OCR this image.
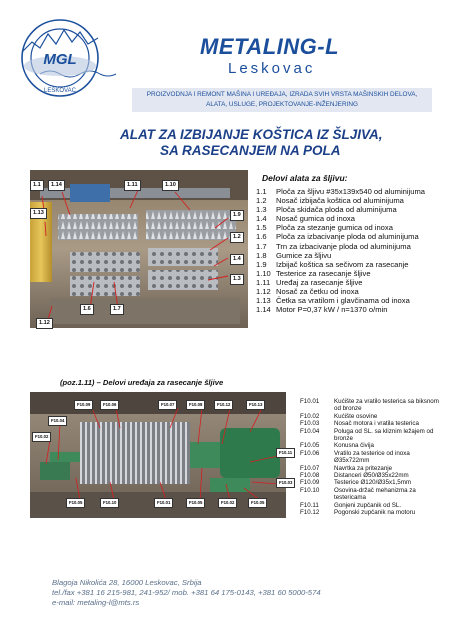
MGL
LESKOVAC
METALING-L
Leskovac
PROIZVODNJA I REMONT MAŠINA I UREĐAJA, IZRADA SVIH VRSTA MAŠINSKIH DELOVA,
ALATA, USLUGE, PROJEKTOVANJE-INŽENJERING
ALAT ZA IZBIJANJE KOŠTICA IZ ŠLJIVA,
SA RASECANJEM NA POLA
1.1	1.14	1.11	1.10
1.13	1.9
1.2
1.4
1.3
1.6	1.7
1.12
Delovi alata za šljivu:
1.1 Ploča za šljivu #35x139x540 od aluminijuma
1.2 Nosač izbijača koštica od aluminijuma
1.3 Ploča skidača ploda od aluminijuma
1.4 Nosač gumica od inoxa
1.5 Ploča za stezanje gumica od inoxa
1.6 Ploča za izbacivanje ploda od aluminijuma
1.7 Trn za izbacivanje ploda od aluminijuma
1.8 Gumice za šljivu
1.9 Izbijač koštica sa sečivom za rasecanje
1.10 Testerice za rasecanje šljive
1.11 Uređaj za rasecanje šljive
1.12 Nosač za četku od inoxa
1.13 Četka sa vratilom i glavčinama od inoxa
1.14 Motor P=0,37 kW / n=1370 o/min
(poz.1.11) – Delovi uređaja za rasecanje šljive
F10.09	F10.06	F10.07	F10.08	F10.12	F10.13
F10.04
F10.02
F10.11
F10.03
F10.05	F10.10	F10.01	F10.05	F10.02	F10.05
F10.01	Kućište za vratilo testerica sa biksnom od bronze
F10.02	Kućište osovine
F10.03	Nosač motora i vratila testerica
F10.04	Poluga od SL. sa kliznim ležajem od bronze
F10.05	Konusna čivija
F10.06	Vratilo za testerice od inoxa Ø35x722mm
F10.07	Navrtka za pritezanje
F10.08	Distanceri Ø50/Ø35x22mm
F10.09	Testerice Ø120/Ø35x1,5mm
F10.10	Osovina-držač mehanizma za testericama
F10.11	Gonjeni zupčanik od SL.
F10.12	Pogonski zupčanik na motoru
Blagoja Nikolića 28, 16000 Leskovac, Srbija
tel./fax +381 16 215-981, 241-952/ mob. +381 64 175-0143, +381 60 5000-574
e-mail: metaling-l@mts.rs
